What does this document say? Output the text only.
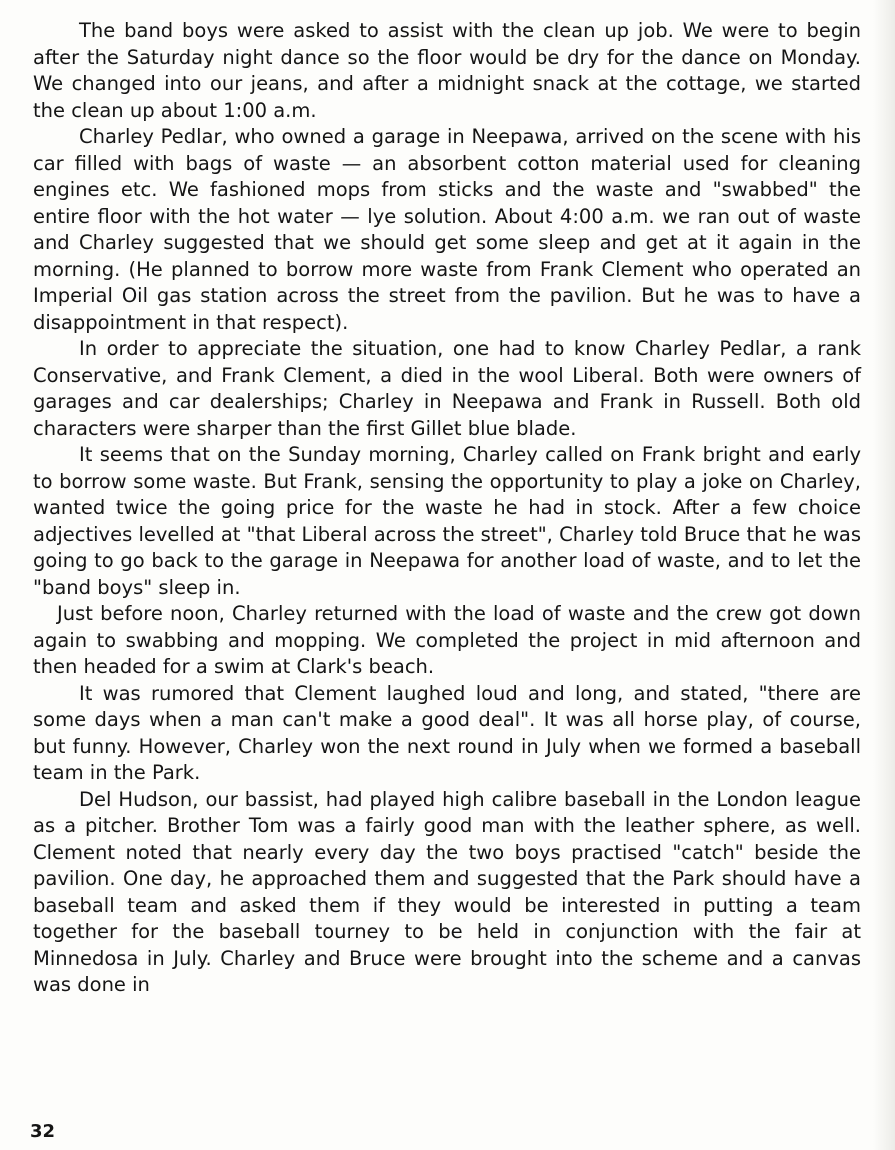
The band boys were asked to assist with the clean up job. We were to begin after the Saturday night dance so the floor would be dry for the dance on Monday. We changed into our jeans, and after a midnight snack at the cottage, we started the clean up about 1:00 a.m.

Charley Pedlar, who owned a garage in Neepawa, arrived on the scene with his car filled with bags of waste — an absorbent cotton material used for cleaning engines etc. We fashioned mops from sticks and the waste and "swabbed" the entire floor with the hot water — lye solution. About 4:00 a.m. we ran out of waste and Charley suggested that we should get some sleep and get at it again in the morning. (He planned to borrow more waste from Frank Clement who operated an Imperial Oil gas station across the street from the pavilion. But he was to have a disappointment in that respect).

In order to appreciate the situation, one had to know Charley Pedlar, a rank Conservative, and Frank Clement, a died in the wool Liberal. Both were owners of garages and car dealerships; Charley in Neepawa and Frank in Russell. Both old characters were sharper than the first Gillet blue blade.

It seems that on the Sunday morning, Charley called on Frank bright and early to borrow some waste. But Frank, sensing the opportunity to play a joke on Charley, wanted twice the going price for the waste he had in stock. After a few choice adjectives levelled at "that Liberal across the street", Charley told Bruce that he was going to go back to the garage in Neepawa for another load of waste, and to let the "band boys" sleep in.

Just before noon, Charley returned with the load of waste and the crew got down again to swabbing and mopping. We completed the project in mid afternoon and then headed for a swim at Clark's beach.

It was rumored that Clement laughed loud and long, and stated, "there are some days when a man can't make a good deal". It was all horse play, of course, but funny. However, Charley won the next round in July when we formed a baseball team in the Park.

Del Hudson, our bassist, had played high calibre baseball in the London league as a pitcher. Brother Tom was a fairly good man with the leather sphere, as well. Clement noted that nearly every day the two boys practised "catch" beside the pavilion. One day, he approached them and suggested that the Park should have a baseball team and asked them if they would be interested in putting a team together for the baseball tourney to be held in conjunction with the fair at Minnedosa in July. Charley and Bruce were brought into the scheme and a canvas was done in

32
